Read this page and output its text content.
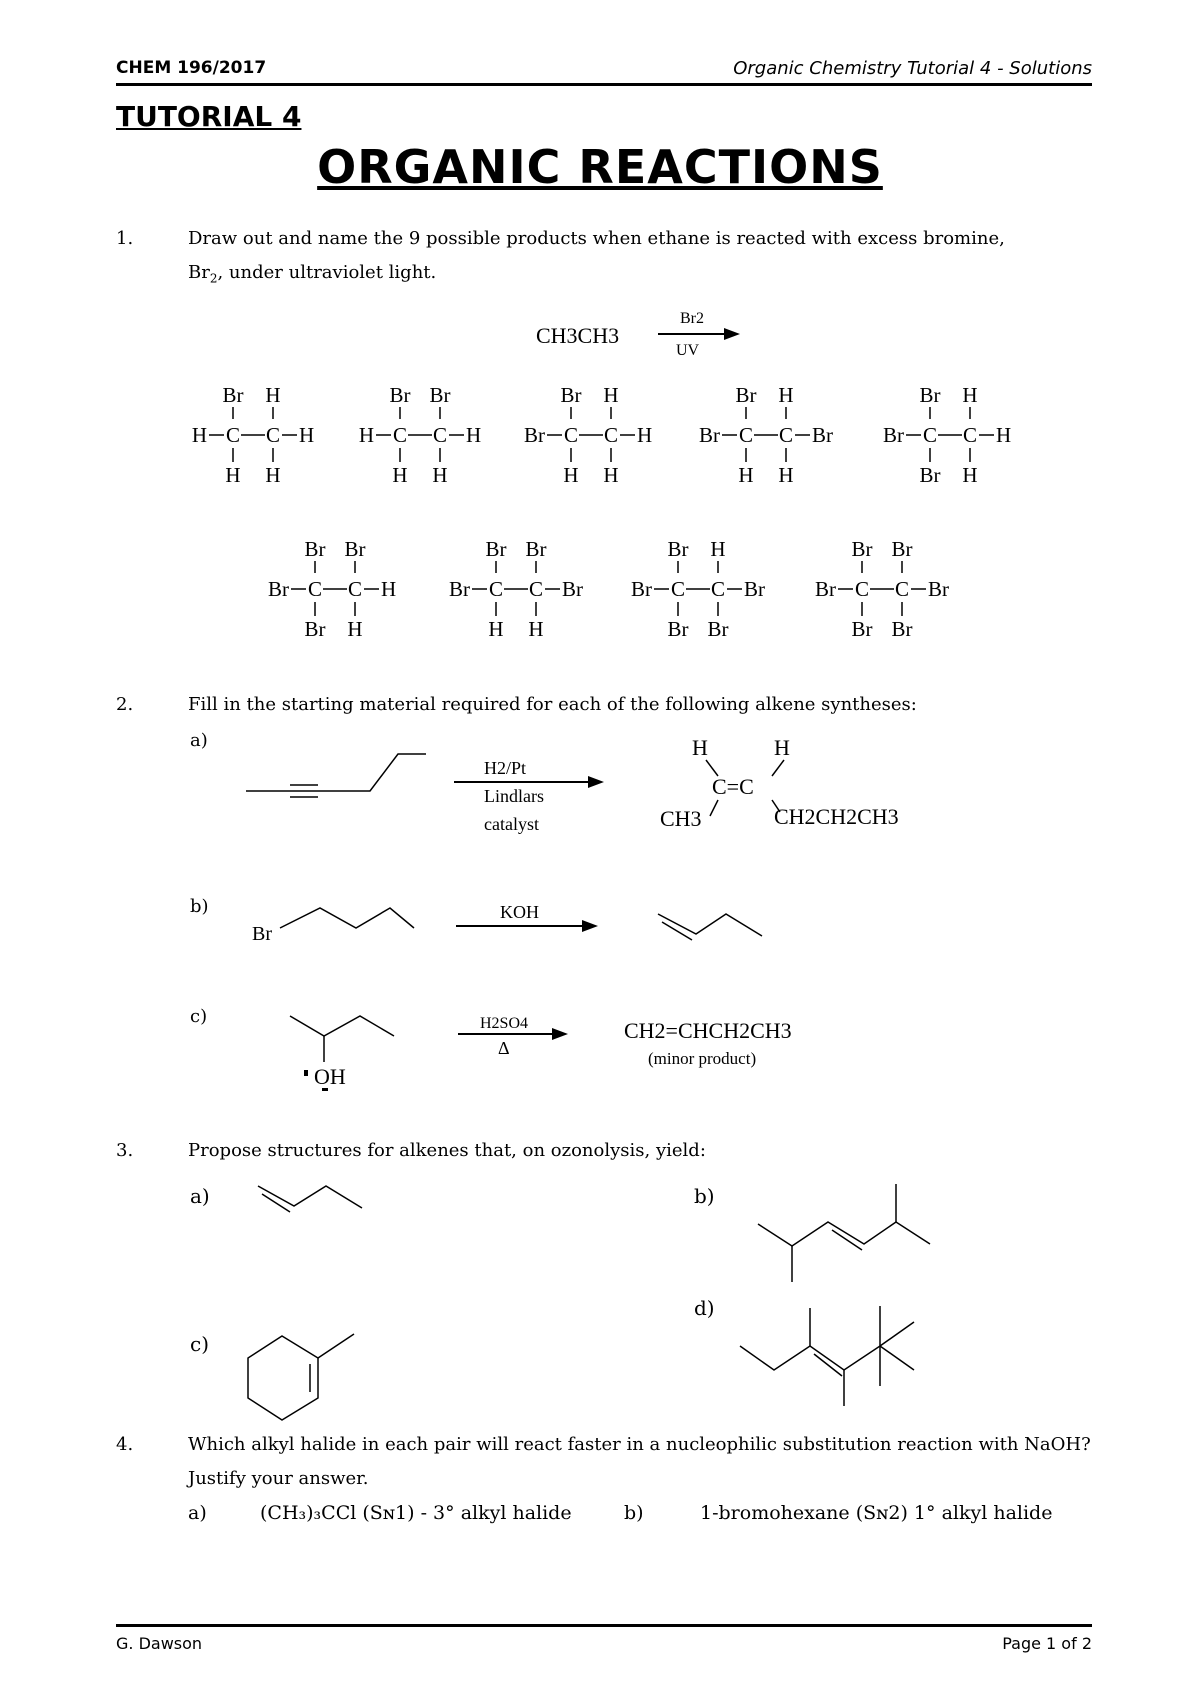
CHEM 196/2017	Organic Chemistry Tutorial 4 - Solutions
TUTORIAL 4
ORGANIC REACTIONS
1.	Draw out and name the 9 possible products when ethane is reacted with excess bromine,
$Br_2$, under ultraviolet light.
2.	Fill in the starting material required for each of the following alkene syntheses:
a)
b)
c)
3.	Propose structures for alkenes that, on ozonolysis, yield:
a)	b)
c)
d)
4.	Which alkyl halide in each pair will react faster in a nucleophilic substitution reaction with NaOH? Justify your answer.
a)	(CH₃)₃CCl (Sɴ1) - 3° alkyl halide	b)	1-bromohexane (Sɴ2) 1° alkyl halide
CH3CH3
Br2
UV
C C
H	H
Br H
H H
C C
H	H
Br Br
H H
C C
Br	H
Br H
H H
C C
Br	Br
Br H
H H
C C
Br	H
Br H
Br H
C C
Br	H
Br Br
Br H
C C
Br	Br
Br Br
H H
C C
Br	Br
Br H
Br Br
C C
Br	Br
Br Br
Br Br
H2/Pt
Lindlars
catalyst
H	H
C=C
CH3	CH2CH2CH3
Br
KOH
OH
H2SO4
Δ
CH2=CHCH2CH3
(minor product)
G. Dawson	Page 1 of 2
